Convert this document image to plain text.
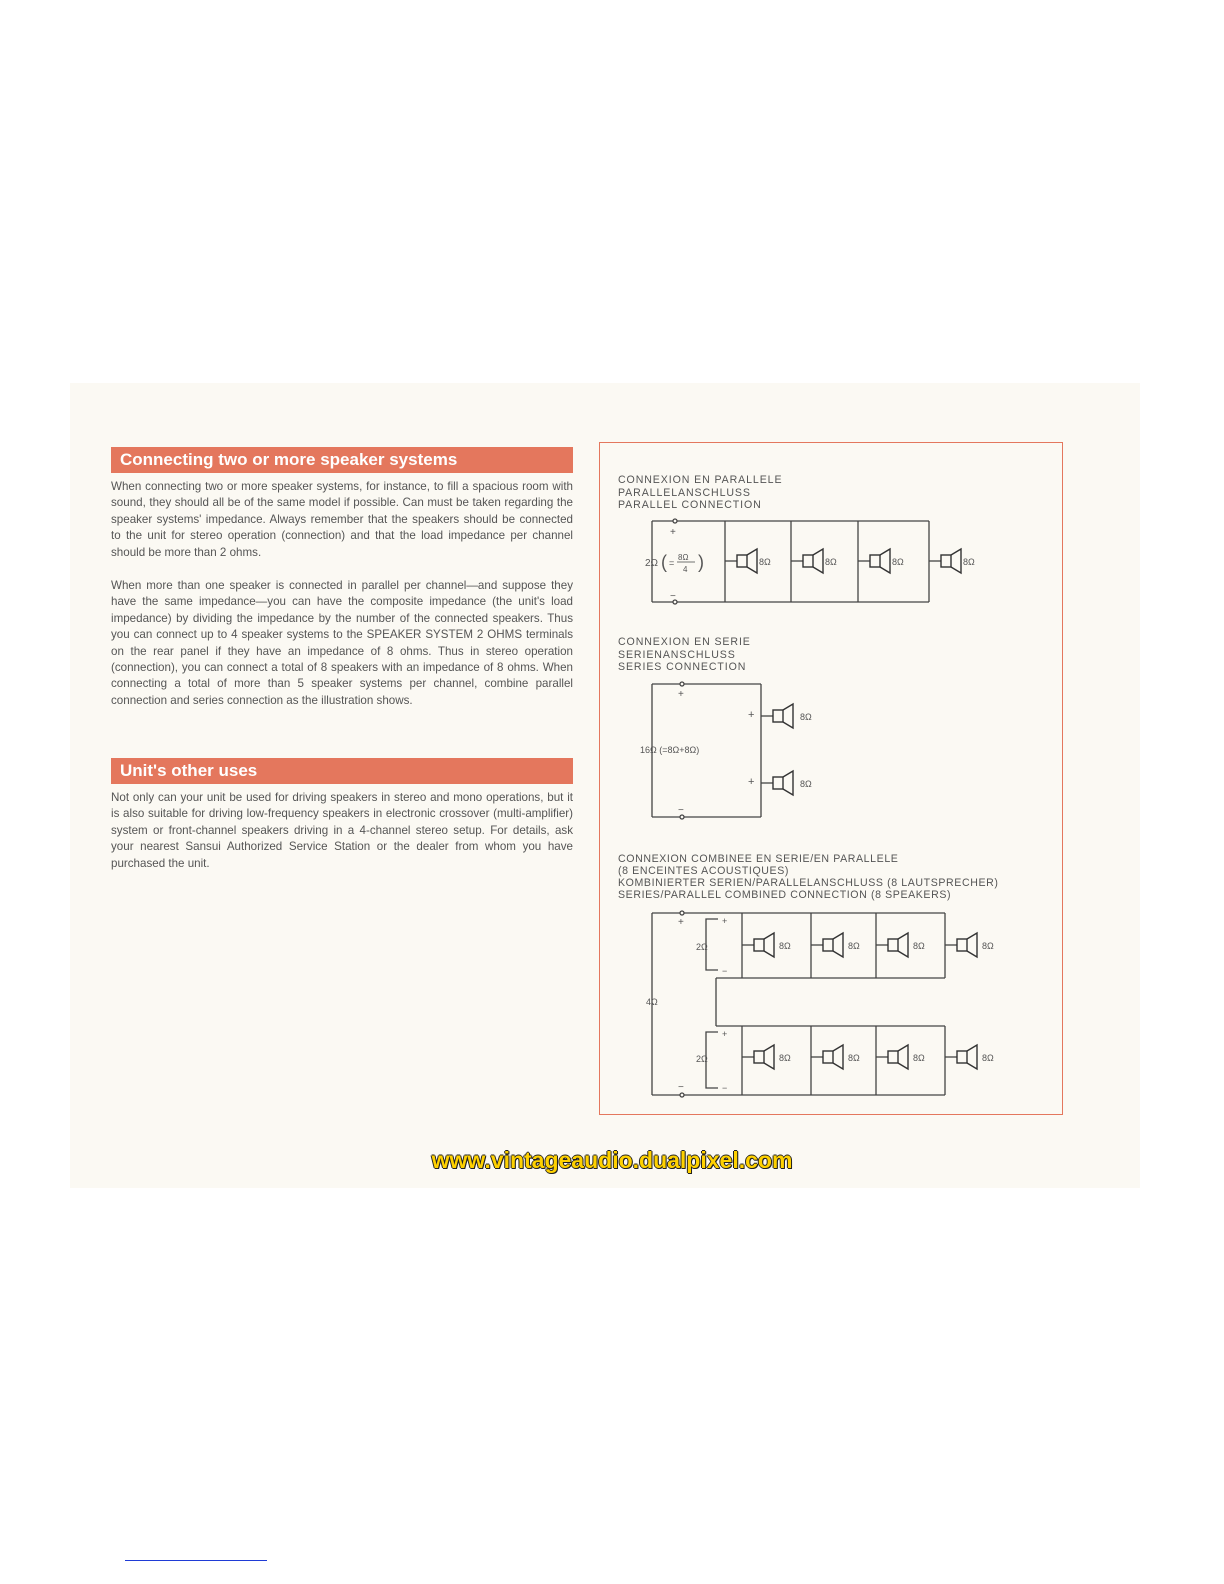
Connecting two or more speaker systems

When connecting two or more speaker systems, for instance, to fill a spacious room with sound, they should all be of the same model if possible. Can must be taken regarding the speaker systems' impedance. Always remember that the speakers should be connected to the unit for stereo operation (connection) and that the load impedance per channel should be more than 2 ohms.

When more than one speaker is connected in parallel per channel—and suppose they have the same impedance—you can have the composite impedance (the unit's load impedance) by dividing the impedance by the number of the connected speakers. Thus you can connect up to 4 speaker systems to the SPEAKER SYSTEM 2 OHMS terminals on the rear panel if they have an impedance of 8 ohms. Thus in stereo operation (connection), you can connect a total of 8 speakers with an impedance of 8 ohms. When connecting a total of more than 5 speaker systems per channel, combine parallel connection and series connection as the illustration shows.

Unit's other uses

Not only can your unit be used for driving speakers in stereo and mono operations, but it is also suitable for driving low-frequency speakers in electronic crossover (multi-amplifier) system or front-channel speakers driving in a 4-channel stereo setup. For details, ask your nearest Sansui Authorized Service Station or the dealer from whom you have purchased the unit.

CONNEXION EN PARALLELE
PARALLELANSCHLUSS
PARALLEL CONNECTION
CONNEXION EN SERIE
SERIENANSCHLUSS
SERIES CONNECTION
CONNEXION COMBINEE EN SERIE/EN PARALLELE
(8 ENCEINTES ACOUSTIQUES)
KOMBINIERTER SERIEN/PARALLELANSCHLUSS (8 LAUTSPRECHER)
SERIES/PARALLEL COMBINED CONNECTION (8 SPEAKERS)
+
−
2Ω ( =
8Ω
4 )	8Ω	8Ω	8Ω	8Ω
+
−
+
+
16Ω (=8Ω+8Ω)
8Ω
8Ω
+
−
+
−
+
−
2Ω
2Ω
4Ω
8Ω	8Ω	8Ω	8Ω
8Ω	8Ω	8Ω	8Ω
www.vintageaudio.dualpixel.com
